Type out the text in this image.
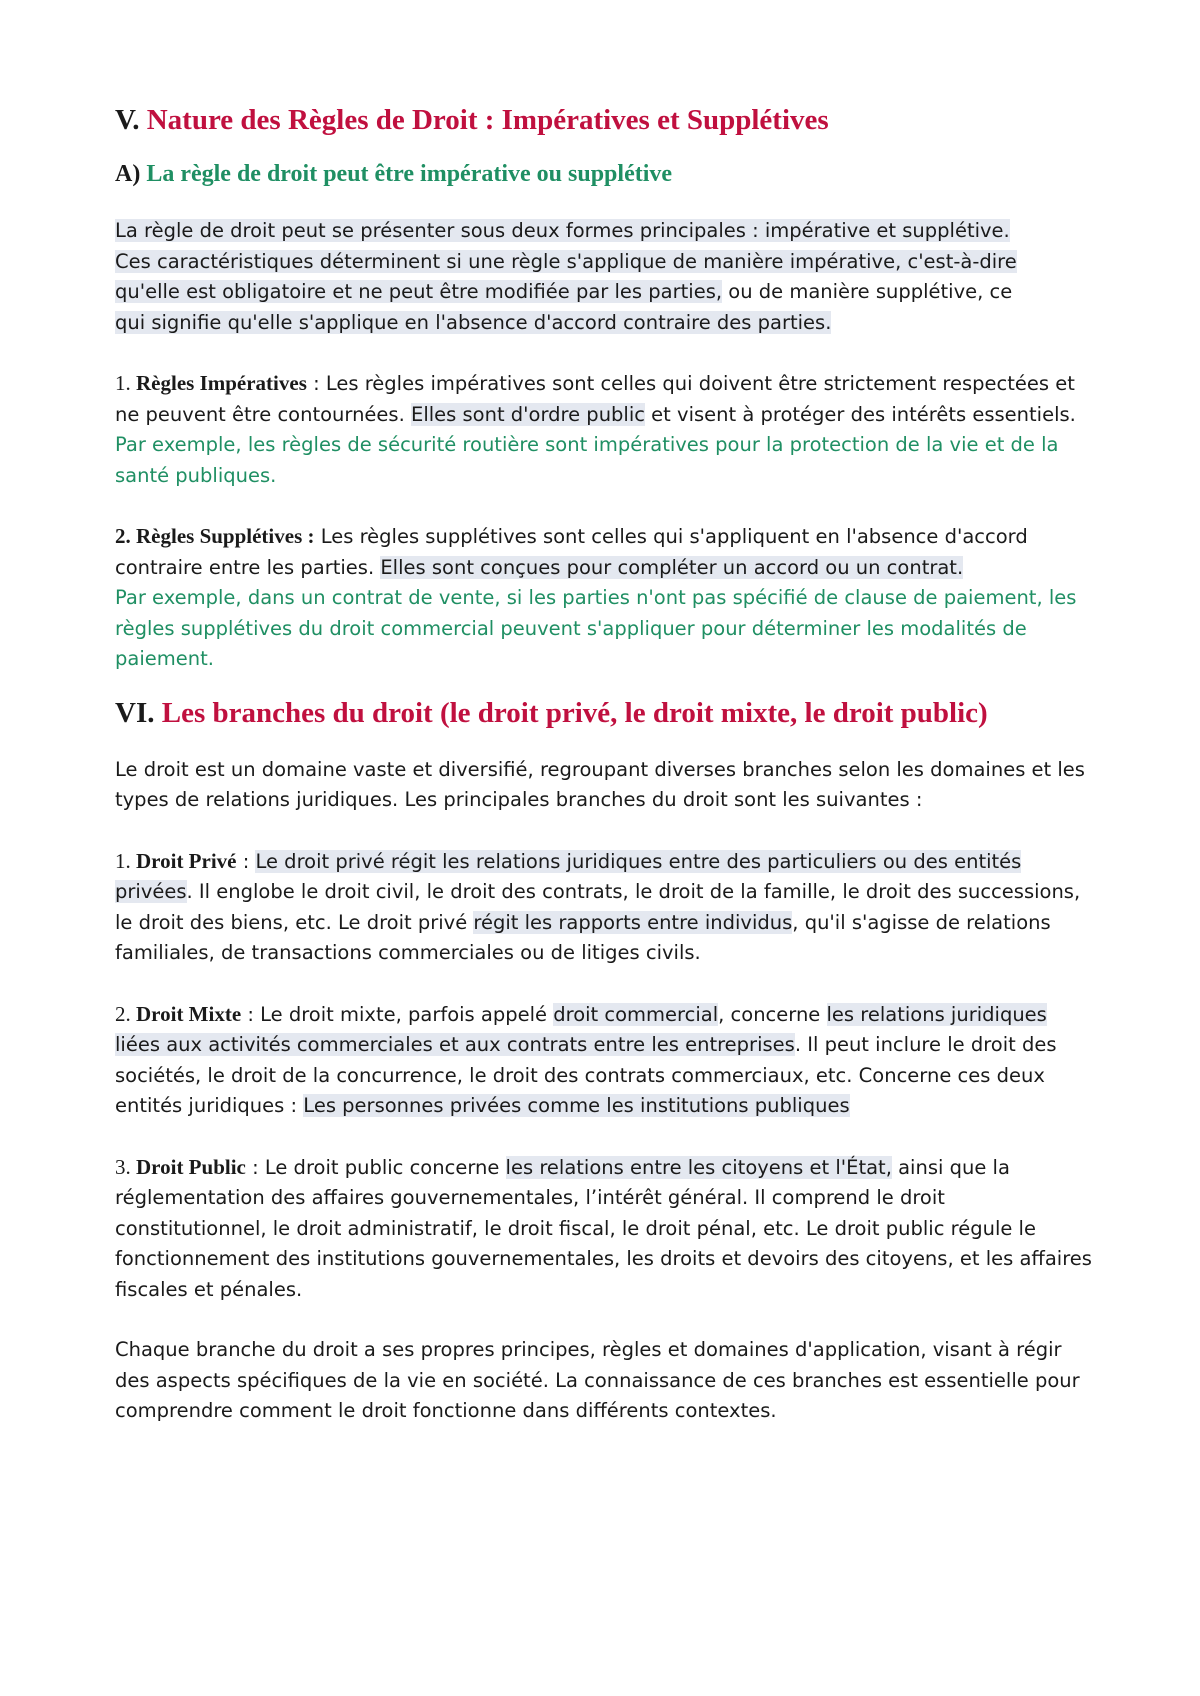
V. Nature des Règles de Droit : Impératives et Supplétives
A) La règle de droit peut être impérative ou supplétive

La règle de droit peut se présenter sous deux formes principales : impérative et supplétive.
Ces caractéristiques déterminent si une règle s'applique de manière impérative, c'est-à-dire
qu'elle est obligatoire et ne peut être modifiée par les parties, ou de manière supplétive, ce
qui signifie qu'elle s'applique en l'absence d'accord contraire des parties.

1. Règles Impératives : Les règles impératives sont celles qui doivent être strictement respectées et ne peuvent être contournées. Elles sont d'ordre public et visent à protéger des intérêts essentiels.

Par exemple, les règles de sécurité routière sont impératives pour la protection de la vie et de la santé publiques.

2. Règles Supplétives : Les règles supplétives sont celles qui s'appliquent en l'absence d'accord contraire entre les parties. Elles sont conçues pour compléter un accord ou un contrat.

Par exemple, dans un contrat de vente, si les parties n'ont pas spécifié de clause de paiement, les règles supplétives du droit commercial peuvent s'appliquer pour déterminer les modalités de paiement.

VI. Les branches du droit (le droit privé, le droit mixte, le droit public)

Le droit est un domaine vaste et diversifié, regroupant diverses branches selon les domaines et les types de relations juridiques. Les principales branches du droit sont les suivantes :

1. Droit Privé : Le droit privé régit les relations juridiques entre des particuliers ou des entités privées. Il englobe le droit civil, le droit des contrats, le droit de la famille, le droit des successions, le droit des biens, etc. Le droit privé régit les rapports entre individus, qu'il s'agisse de relations familiales, de transactions commerciales ou de litiges civils.

2. Droit Mixte : Le droit mixte, parfois appelé droit commercial, concerne les relations juridiques liées aux activités commerciales et aux contrats entre les entreprises. Il peut inclure le droit des sociétés, le droit de la concurrence, le droit des contrats commerciaux, etc. Concerne ces deux entités juridiques : Les personnes privées comme les institutions publiques

3. Droit Public : Le droit public concerne les relations entre les citoyens et l'État, ainsi que la réglementation des affaires gouvernementales, l’intérêt général. Il comprend le droit constitutionnel, le droit administratif, le droit fiscal, le droit pénal, etc. Le droit public régule le fonctionnement des institutions gouvernementales, les droits et devoirs des citoyens, et les affaires fiscales et pénales.

Chaque branche du droit a ses propres principes, règles et domaines d'application, visant à régir des aspects spécifiques de la vie en société. La connaissance de ces branches est essentielle pour comprendre comment le droit fonctionne dans différents contextes.
